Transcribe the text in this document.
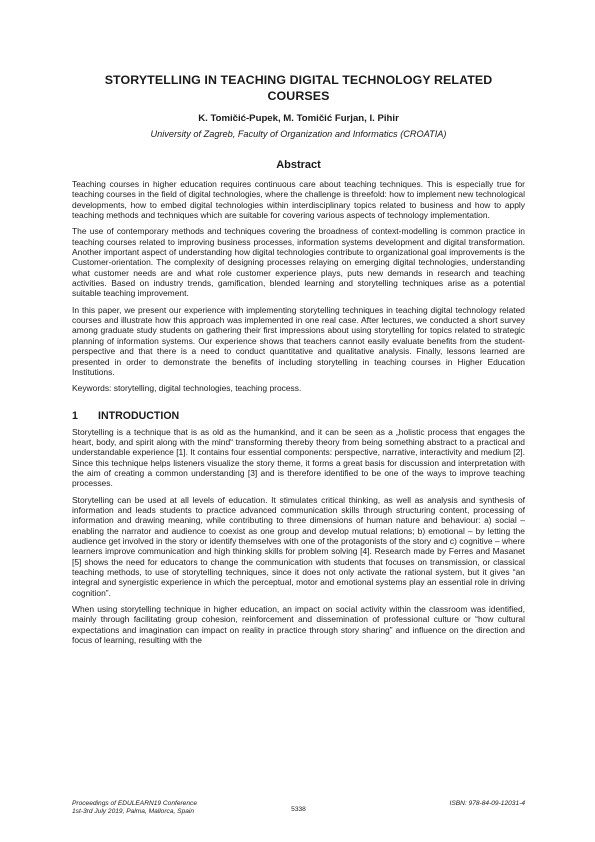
STORYTELLING IN TEACHING DIGITAL TECHNOLOGY RELATED COURSES
K. Tomičić-Pupek, M. Tomičić Furjan, I. Pihir
University of Zagreb, Faculty of Organization and Informatics (CROATIA)
Abstract

Teaching courses in higher education requires continuous care about teaching techniques. This is especially true for teaching courses in the field of digital technologies, where the challenge is threefold: how to implement new technological developments, how to embed digital technologies within interdisciplinary topics related to business and how to apply teaching methods and techniques which are suitable for covering various aspects of technology implementation.

The use of contemporary methods and techniques covering the broadness of context-modelling is common practice in teaching courses related to improving business processes, information systems development and digital transformation. Another important aspect of understanding how digital technologies contribute to organizational goal improvements is the Customer-orientation. The complexity of designing processes relaying on emerging digital technologies, understanding what customer needs are and what role customer experience plays, puts new demands in research and teaching activities. Based on industry trends, gamification, blended learning and storytelling techniques arise as a potential suitable teaching improvement.

In this paper, we present our experience with implementing storytelling techniques in teaching digital technology related courses and illustrate how this approach was implemented in one real case. After lectures, we conducted a short survey among graduate study students on gathering their first impressions about using storytelling for topics related to strategic planning of information systems. Our experience shows that teachers cannot easily evaluate benefits from the student-perspective and that there is a need to conduct quantitative and qualitative analysis. Finally, lessons learned are presented in order to demonstrate the benefits of including storytelling in teaching courses in Higher Education Institutions.

Keywords: storytelling, digital technologies, teaching process.

1	INTRODUCTION

Storytelling is a technique that is as old as the humankind, and it can be seen as a „holistic process that engages the heart, body, and spirit along with the mind“ transforming thereby theory from being something abstract to a practical and understandable experience [1]. It contains four essential components: perspective, narrative, interactivity and medium [2]. Since this technique helps listeners visualize the story theme, it forms a great basis for discussion and interpretation with the aim of creating a common understanding [3] and is therefore identified to be one of the ways to improve teaching processes.

Storytelling can be used at all levels of education. It stimulates critical thinking, as well as analysis and synthesis of information and leads students to practice advanced communication skills through structuring content, processing of information and drawing meaning, while contributing to three dimensions of human nature and behaviour: a) social – enabling the narrator and audience to coexist as one group and develop mutual relations; b) emotional – by letting the audience get involved in the story or identify themselves with one of the protagonists of the story and c) cognitive – where learners improve communication and high thinking skills for problem solving [4]. Research made by Ferres and Masanet [5] shows the need for educators to change the communication with students that focuses on transmission, or classical teaching methods, to use of storytelling techniques, since it does not only activate the rational system, but it gives “an integral and synergistic experience in which the perceptual, motor and emotional systems play an essential role in driving cognition”.

When using storytelling technique in higher education, an impact on social activity within the classroom was identified, mainly through facilitating group cohesion, reinforcement and dissemination of professional culture or “how cultural expectations and imagination can impact on reality in practice through story sharing” and influence on the direction and focus of learning, resulting with the

Proceedings of EDULEARN19 Conference
1st-3rd July 2019, Palma, Mallorca, Spain	5338
ISBN: 978-84-09-12031-4
